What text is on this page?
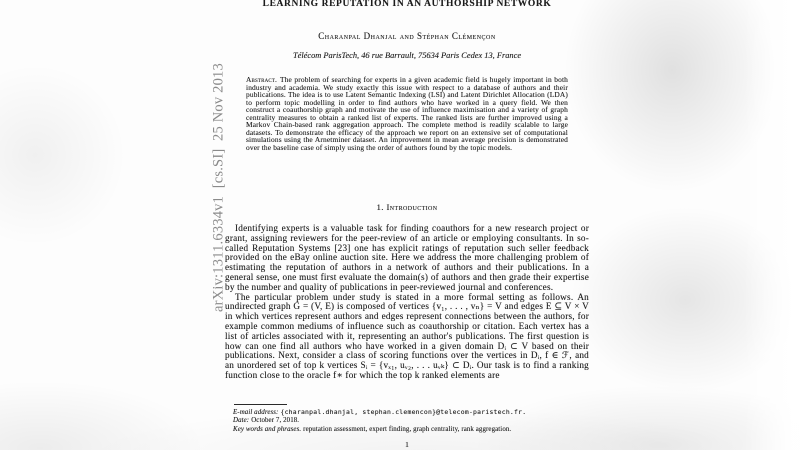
arXiv:1311.6334v1  [cs.SI]  25 Nov 2013
LEARNING REPUTATION IN AN AUTHORSHIP NETWORK
Charanpal Dhanjal and Stéphan Clémençon
Télécom ParisTech, 46 rue Barrault, 75634 Paris Cedex 13, France
Abstract. The problem of searching for experts in a given academic field is hugely important in both industry and academia. We study exactly this issue with respect to a database of authors and their publications. The idea is to use Latent Semantic Indexing (LSI) and Latent Dirichlet Allocation (LDA) to perform topic modelling in order to find authors who have worked in a query field. We then construct a coauthorship graph and motivate the use of influence maximisation and a variety of graph centrality measures to obtain a ranked list of experts. The ranked lists are further improved using a Markov Chain-based rank aggregation approach. The complete method is readily scalable to large datasets. To demonstrate the efficacy of the approach we report on an extensive set of computational simulations using the Arnetminer dataset. An improvement in mean average precision is demonstrated over the baseline case of simply using the order of authors found by the topic models.
1. Introduction

Identifying experts is a valuable task for finding coauthors for a new research project or grant, assigning reviewers for the peer-review of an article or employing consultants. In so-called Reputation Systems [23] one has explicit ratings of reputation such seller feedback provided on the eBay online auction site. Here we address the more challenging problem of estimating the reputation of authors in a network of authors and their publications. In a general sense, one must first evaluate the domain(s) of authors and then grade their expertise by the number and quality of publications in peer-reviewed journal and conferences.

The particular problem under study is stated in a more formal setting as follows. An undirected graph G = (V, E) is composed of vertices {v₁, . . . , vₙ} = V and edges E ⊆ V × V in which vertices represent authors and edges represent connections between the authors, for example common mediums of influence such as coauthorship or citation. Each vertex has a list of articles associated with it, representing an author's publications. The first question is how can one find all authors who have worked in a given domain Dᵢ ⊂ V based on their publications. Next, consider a class of scoring functions over the vertices in Dᵢ, f ∈ ℱ, and an unordered set of top k vertices Sᵢ = {vₓ₁, uᵥ₂, . . . uᵥₖ} ⊂ Dᵢ. Our task is to find a ranking function close to the oracle f∗ for which the top k ranked elements are

E-mail address: {charanpal.dhanjal, stephan.clemencon}@telecom-paristech.fr.

Date: October 7, 2018.

Key words and phrases. reputation assessment, expert finding, graph centrality, rank aggregation.

1
